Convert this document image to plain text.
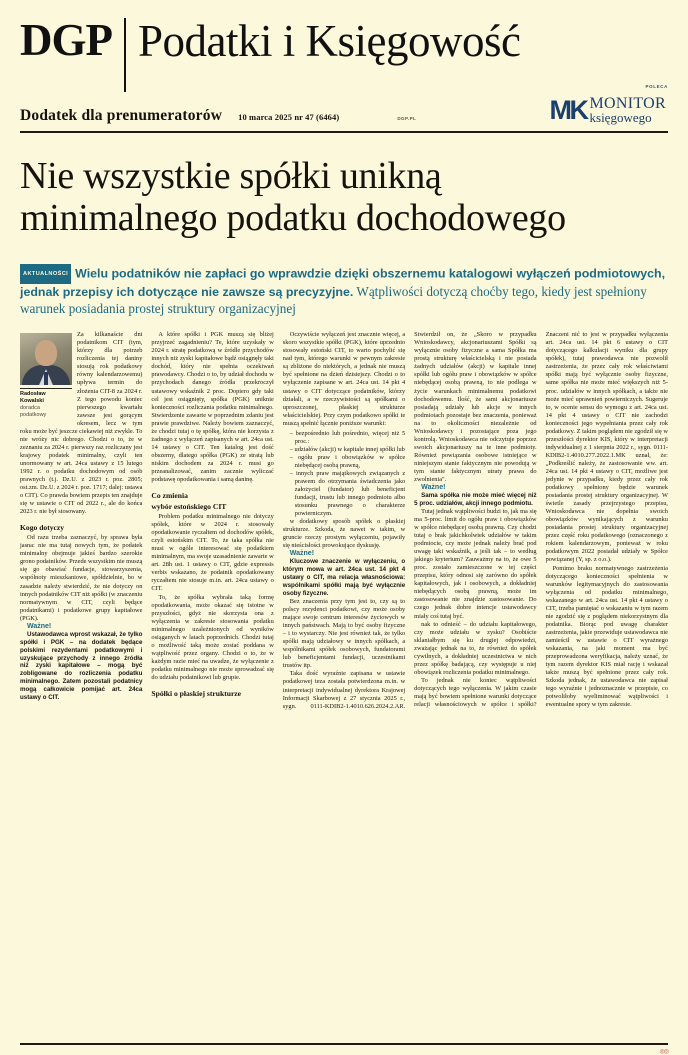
DGP Podatki i Księgowość
Dodatek dla prenumeratorów 10 marca 2025 nr 47 (6464)	DGP.PL
POLECA
MK MONITOR
księgowego
Nie wszystkie spółki unikną
minimalnego podatku dochodowego
AKTUALNOŚCI Wielu podatników nie zapłaci go wprawdzie dzięki obszernemu katalogowi wyłączeń podmiotowych, jednak przepisy ich dotyczące nie zawsze są precyzyjne. Wątpliwości dotyczą choćby tego, kiedy jest spełniony warunek posiadania prostej struktury organizacyjnej
Radosław
Kowalski
doradca
podatkowy

Za kilkanaście dni podatnikom CIT (tym, którzy dla potrzeb rozliczenia tej daniny stosują rok podatkowy równy kalendarzowemu) upływa termin do złożenia CIT-8 za 2024 r. Z tego powodu koniec pierwszego kwartału zawsze jest gorącym okresem, lecz w tym roku może być jeszcze ciekawiej niż zwykle. To nie wróży nic dobrego. Chodzi o to, że w zeznaniu za 2024 r. pierwszy raz rozliczany jest krajowy podatek minimalny, czyli ten unormowany w art. 24ca ustawy z 15 lutego 1992 r. o podatku dochodowym od osób prawnych (t.j. Dz.U. z 2023 r. poz. 2805; ost.zm. Dz.U. z 2024 r. poz. 1717; dalej: ustawa o CIT). Co prawda bowiem przepis ten znajduje się w ustawie o CIT od 2022 r., ale do końca 2023 r. nie był stosowany.

Kogo dotyczy

Od razu trzeba zaznaczyć, by sprawa była jasna: nie ma tutaj nowych tym, że podatek minimalny obejmuje jakieś bardzo szerokie grono podatników. Przede wszystkim nie muszą się go obawiać fundacje, stowarzyszenia, wspólnoty mieszkaniowe, spółdzielnie, bo w zasadzie należy stwierdzić, że nie dotyczy on innych podatników CIT niż spółki (w znaczeniu normatywnym w CIT, czyli będące podatnikami) i podatkowe grupy kapitałowe (PGK).

Ważne!

Ustawodawca wprost wskazał, że tylko spółki i PGK – na dodatek będące polskimi rezydentami podatkowymi i uzyskujące przychody z innego źródła niż zyski kapitałowe – mogą być zobligowane do rozliczenia podatku minimalnego. Zatem pozostali podatnicy mogą całkowicie pomijać art. 24ca ustawy o CIT.

A które spółki i PGK muszą się bliżej przyjrzeć zagadnieniu? Te, które uzyskały w 2024 r. stratę podatkową w źródle przychodów innych niż zyski kapitałowe bądź osiągnęły taki dochód, który nie spełnia oczekiwań prawodawcy. Chodzi o to, by udział dochodu w przychodach danego źródła przekroczył ustawowy wskaźnik 2 proc. Dopiero gdy taki cel jest osiągnięty, spółka (PGK) uniknie konieczności rozliczania podatku minimalnego. Stwierdzenie zawarte w poprzednim zdaniu jest prawie prawdziwe. Należy bowiem zaznaczyć, że chodzi tutaj o tę spółkę, która nie korzysta z żadnego z wyłączeń zapisanych w art. 24ca ust. 14 ustawy o CIT. Ten katalog jest dość obszerny, dlatego spółka (PGK) ze stratą lub niskim dochodem za 2024 r. musi go przeanalizować, zanim zacznie wyliczać podstawę opodatkowania i samą daninę.

Co zmienia
wybór estońskiego CIT

Problem podatku minimalnego nie dotyczy spółek, które w 2024 r. stosowały opodatkowanie ryczałtem od dochodów spółek, czyli estońskim CIT. To, że taka spółka nie musi w ogóle interesować się podatkiem minimalnym, ma swoje uzasadnienie zawarte w art. 28h ust. 1 ustawy o CIT, gdzie expressis verbis wskazano, że podatnik opodatkowany ryczałtem nie stosuje m.in. art. 24ca ustawy o CIT.

To, że spółka wybrała taką formę opodatkowania, może okazać się istotne w przyszłości, gdyż nie skorzysta ona z wyłączenia w zakresie stosowania podatku minimalnego uzależnionych od wyników osiąganych w latach poprzednich. Chodzi tutaj o możliwość taką może zostać poddana w wątpliwość przez organy. Chodzi o to, że w każdym razie mieć na uwadze, że wyłączenie z podatku minimalnego nie może sprowadzać się do udziału podatnikowi lub grupie.

Spółki o płaskiej strukturze

Oczywiście wyłączeń jest znacznie więcej, a skoro wszystkie spółki (PGK), które uprzednio stosowały estoński CIT, to warto pochylić się nad tym, którego warunki w pewnym zakresie są zbliżone do niektórych, a jednak nie muszą być spełnione na dzień dzisiejszy. Chodzi o to wyłączenie zapisane w art. 24ca ust. 14 pkt 4 ustawy o CIT dotyczące podatników, którzy działali, a w rzeczywistości są spółkami o uproszczonej, płaskiej strukturze właścicielskiej. Przy czym podatkowo spółki te muszą spełnić łącznie poniższe warunki:

– bezpośrednio lub pośrednio, więcej niż 5 proc.:
– udziałów (akcji) w kapitale innej spółki lub
– ogółu praw i obowiązków w spółce niebędącej osobą prawną,
– innych praw majątkowych związanych z prawem do otrzymania świadczenia jako założyciel (fundator) lub beneficjent fundacji, trustu lub innego podmiotu albo stosunku prawnego o charakterze powierniczym.

w dodatkowy sposób spółek o płaskiej strukturze. Szkoda, że nawet w takim, w gruncie rzeczy prostym wyłączeniu, pojawiły się nieścisłości prowokujące dyskusję.

Ważne!

Kluczowe znaczenie w wyłączeniu, o którym mowa w art. 24ca ust. 14 pkt 4 ustawy o CIT, ma relacja własnościowa: wspólnikami spółki mają być wyłącznie osoby fizyczne.

Bez znaczenia przy tym jest to, czy są to polscy rezydenci podatkowi, czy może osoby mające swoje centrum interesów życiowych w innych państwach. Mają to być osoby fizyczne – i to wystarczy. Nie jest również tak, że tylko spółki mają udziałowy w innych spółkach, a wspólnikami spółek osobowych, fundatorami lub beneficjentami fundacji, uczestnikami trustów itp.

Taka dość wyraźnie zapisana w ustawie podatkowej teza została potwierdzona m.in. w interpretacji indywidualnej dyrektora Krajowej Informacji Skarbowej z 27 stycznia 2025 r., sygn. 0111-KDIB2-1.4010.626.2024.2.AR. Stwierdził on, że „Skoro w przypadku Wnioskodawcy, akcjonariuszami Spółki są wyłącznie osoby fizyczne a sama Spółka ma prostą strukturę właścicielską i nie posiada żadnych udziałów (akcji) w kapitale innej spółki lub ogółu praw i obowiązków w spółce niebędącej osobą prawną, to nie podlega w życie warunkach minimalnemu podatkowi dochodowemu. Ilość, że sami akcjonariusze posiadają udziały lub akcje w innych podmiotach pozostaje bez znaczenia, ponieważ na to okoliczności niezależnie od Wnioskodawcy i pozostające poza jego kontrolą. Wnioskodawca nie odczytuje poprzez swoich akcjonariuszy na te inne podmioty. Również powiązania osobowe istniejące w niniejszym stanie faktycznym nie powodują w tym stanie faktycznym utraty prawa do zwolnienia".

Ważne!

Sama spółka nie może mieć więcej niż 5 proc. udziałów, akcji innego podmiotu.

Tutaj jednak wątpliwości budzi to, jak ma się ma 5-proc. limit do ogółu praw i obowiązków w spółce niebędącej osobą prawną. Czy chodzi tutaj o brak jakichkolwiek udziałów w takim podmiocie, czy może jednak należy brać pod uwagę taki wskaźnik, a jeśli tak – to według jakiego kryterium? Zauważmy na to, że owe 5 proc. zostało zamieszczone w tej części przepisu, który odnosi się zarówno do spółek kapitałowych, jak i osobowych, a dokładniej niebędących osobą prawną, może im zastosowanie nie znajdzie zastosowanie. Do czego jednak dobre intencje ustawodawcy miały coś tutaj być.

nak to odnieść – do udziału kapitałowego, czy może udziału w zysku? Osobiście sklaniałbym się ku drugiej odpowiedzi, zważając jednak na to, że również do spółek cywilnych, a dokładniej uczestnictwa w nich przez spółkę badającą, czy występuje u niej obowiązek rozliczenia podatku minimalnego.

To jednak nie koniec wątpliwości dotyczących tego wyłączenia. W jakim czasie mają być bowiem spełnione warunki dotyczące relacji własnościowych w spółce i spółki? Znaczeni nić to jest w przypadku wyłączenia art. 24ca ust. 14 pkt 6 ustawy o CIT dotyczącego kalkulacji wyniku dla grupy spółek), tutaj prawodawca nie pozwolił zastrzeżenia, że przez cały rok właściwiami spółki mają być wyłącznie osoby fizyczne, same spółka nie może mieć większych niż 5-proc. udziałów w innych spółkach, a także nie może mieć uprawnień powierniczych. Sugeruje to, w ocenie sensu do wymogu z art. 24ca ust. 14 pkt 4 ustawy o CIT nie zachodzi konieczności jego wypełniania przez cały rok podatkowy. Z takim poglądem nie zgodził się w przeszłości dyrektor KIS, który w interpretacji indywidualnej z 1 sierpnia 2022 r., sygn. 0111-KDIB2-1.4010.277.2022.1.MK uznał, że: „Podkreślić należy, że zastosowanie ww. art. 24ca ust. 14 pkt 4 ustawy o CIT, możliwe jest jedynie w przypadku, kiedy przez cały rok podatkowy spełniony będzie warunek posiadania prostej struktury organizacyjnej. W świetle zasady przejrzystego przepisu, Wnioskodawca nie dopełnia swoich obowiązków wynikających z warunku posiadania prostej struktury organizacyjnej przez część roku podatkowego (oznaczonego z rokiem kalendarzowym, ponieważ w roku podatkowym 2022 posiadał udziały w Spółce powiązanej (Y, sp. z o.o.).

Pomimo braku normatywnego zastrzeżenia dotyczącego konieczności spełnienia w warunków legitymacyjnych do zastosowania wyłączenia od podatku minimalnego, wskazanego w art. 24ca ust. 14 pkt 4 ustawy o CIT, trzeba pamiętać o wskazaniu w tym razem nie zgodzić się z poglądem niekorzystnym dla podatnika. Biorąc pod uwagę charakter zastrzeżenia, jakie przewiduje ustawodawca nie zamieścił w ustawie o CIT wyrażnego wskazania, na jaki moment ma być przeprowadzona weryfikacja, należy uznać, że tym razem dyrektor KIS miał rację i wskazał także muszą być spełnione przez cały rok. Szkoda jednak, że ustawodawca nie zapisał tego wyraźnie i jednoznacznie w przepisie, co potwoliłoby wyeliminować wątpliwości i ewentualne spory w tym zakresie.

◎◎
